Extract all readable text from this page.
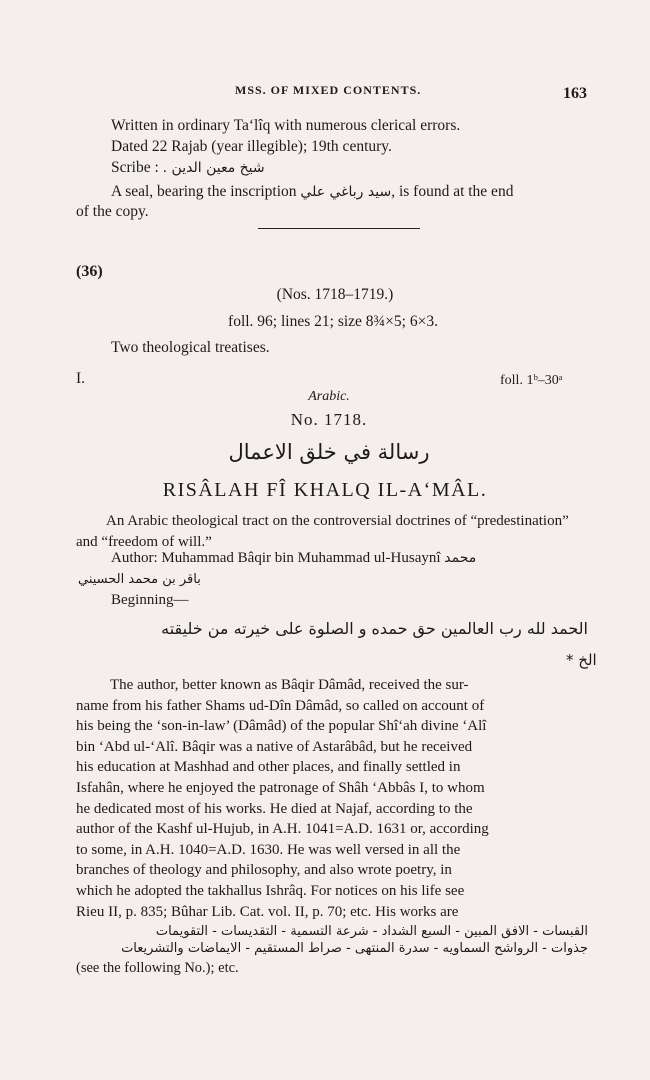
MSS. OF MIXED CONTENTS.	163
Written in ordinary Ta‘lîq with numerous clerical errors.
Dated 22 Rajab (year illegible); 19th century.
Scribe : شيخ معين الدين .
A seal, bearing the inscription سيد رباغي علي, is found at the end
of the copy.
(36)
(Nos. 1718–1719.)
foll. 96; lines 21; size 8¾×5; 6×3.
Two theological treatises.
I.	foll. 1ᵇ–30ᵃ
Arabic.
No. 1718.
رسالة في خلق الاعمال
RISÂLAH FÎ KHALQ IL-A‘MÂL.

An Arabic theological tract on the controversial doctrines of “predestination” and “freedom of will.”

Author: Muhammad Bâqir bin Muhammad ul-Husaynî محمد
باقر بن محمد الحسيني
Beginning—
الحمد لله رب العالمين حق حمده و الصلوة على خيرته من خليقته
الخ *

The author, better known as Bâqir Dâmâd, received the sur-

name from his father Shams ud-Dîn Dâmâd, so called on account of

his being the ‘son-in-law’ (Dâmâd) of the popular Shî‘ah divine ‘Alî

bin ‘Abd ul-‘Alî. Bâqir was a native of Astarâbâd, but he received

his education at Mashhad and other places, and finally settled in

Isfahân, where he enjoyed the patronage of Shâh ‘Abbâs I, to whom

he dedicated most of his works. He died at Najaf, according to the

author of the Kashf ul-Hujub, in A.H. 1041=A.D. 1631 or, according

to some, in A.H. 1040=A.D. 1630. He was well versed in all the

branches of theology and philosophy, and also wrote poetry, in

which he adopted the takhallus Ishrâq. For notices on his life see

Rieu II, p. 835; Bûhar Lib. Cat. vol. II, p. 70; etc. His works are

القبسات - الافق المبين - السبع الشداد - شرعة التسمية - التقديسات - التقويمات
جذوات - الرواشح السماويه - سدرة المنتهى - صراط المستقيم - الايماضات والتشريعات
(see the following No.); etc.
